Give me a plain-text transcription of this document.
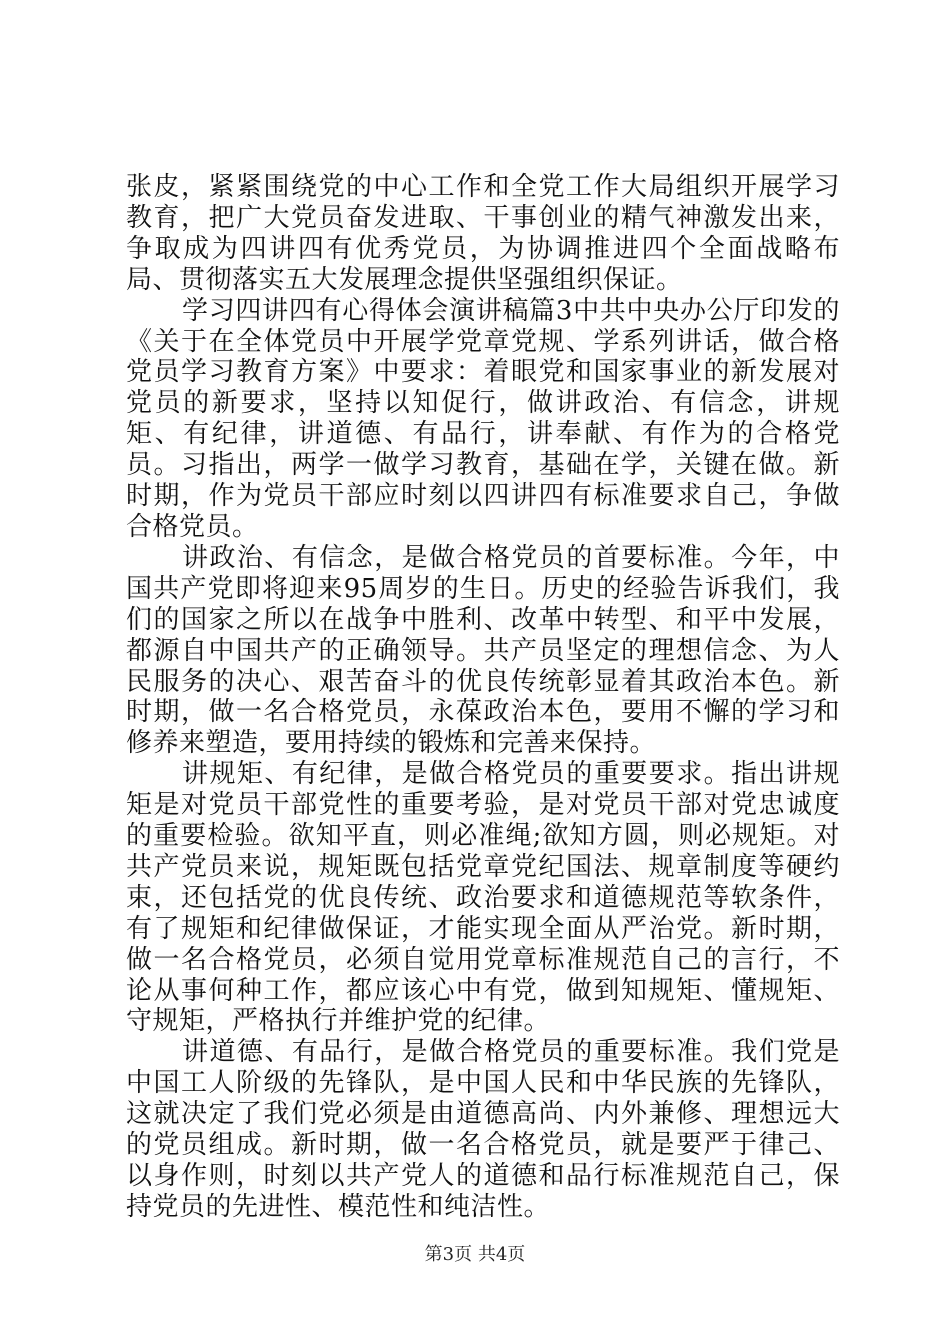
张皮，紧紧围绕党的中心工作和全党工作大局组织开展学习教育，把广大党员奋发进取、干事创业的精气神激发出来，争取成为四讲四有优秀党员，为协调推进四个全面战略布局、贯彻落实五大发展理念提供坚强组织保证。

学习四讲四有心得体会演讲稿篇3中共中央办公厅印发的《关于在全体党员中开展学党章党规、学系列讲话，做合格党员学习教育方案》中要求：着眼党和国家事业的新发展对党员的新要求，坚持以知促行，做讲政治、有信念，讲规矩、有纪律，讲道德、有品行，讲奉献、有作为的合格党员。习指出，两学一做学习教育，基础在学，关键在做。新时期，作为党员干部应时刻以四讲四有标准要求自己，争做合格党员。

讲政治、有信念，是做合格党员的首要标准。今年，中国共产党即将迎来95周岁的生日。历史的经验告诉我们，我们的国家之所以在战争中胜利、改革中转型、和平中发展，都源自中国共产的正确领导。共产员坚定的理想信念、为人民服务的决心、艰苦奋斗的优良传统彰显着其政治本色。新时期，做一名合格党员，永葆政治本色，要用不懈的学习和修养来塑造，要用持续的锻炼和完善来保持。

讲规矩、有纪律，是做合格党员的重要要求。指出讲规矩是对党员干部党性的重要考验，是对党员干部对党忠诚度的重要检验。欲知平直，则必准绳;欲知方圆，则必规矩。对共产党员来说，规矩既包括党章党纪国法、规章制度等硬约束，还包括党的优良传统、政治要求和道德规范等软条件，有了规矩和纪律做保证，才能实现全面从严治党。新时期，做一名合格党员，必须自觉用党章标准规范自己的言行，不论从事何种工作，都应该心中有党，做到知规矩、懂规矩、守规矩，严格执行并维护党的纪律。

讲道德、有品行，是做合格党员的重要标准。我们党是中国工人阶级的先锋队，是中国人民和中华民族的先锋队，这就决定了我们党必须是由道德高尚、内外兼修、理想远大的党员组成。新时期，做一名合格党员，就是要严于律己、以身作则，时刻以共产党人的道德和品行标准规范自己，保持党员的先进性、模范性和纯洁性。

第3页 共4页
